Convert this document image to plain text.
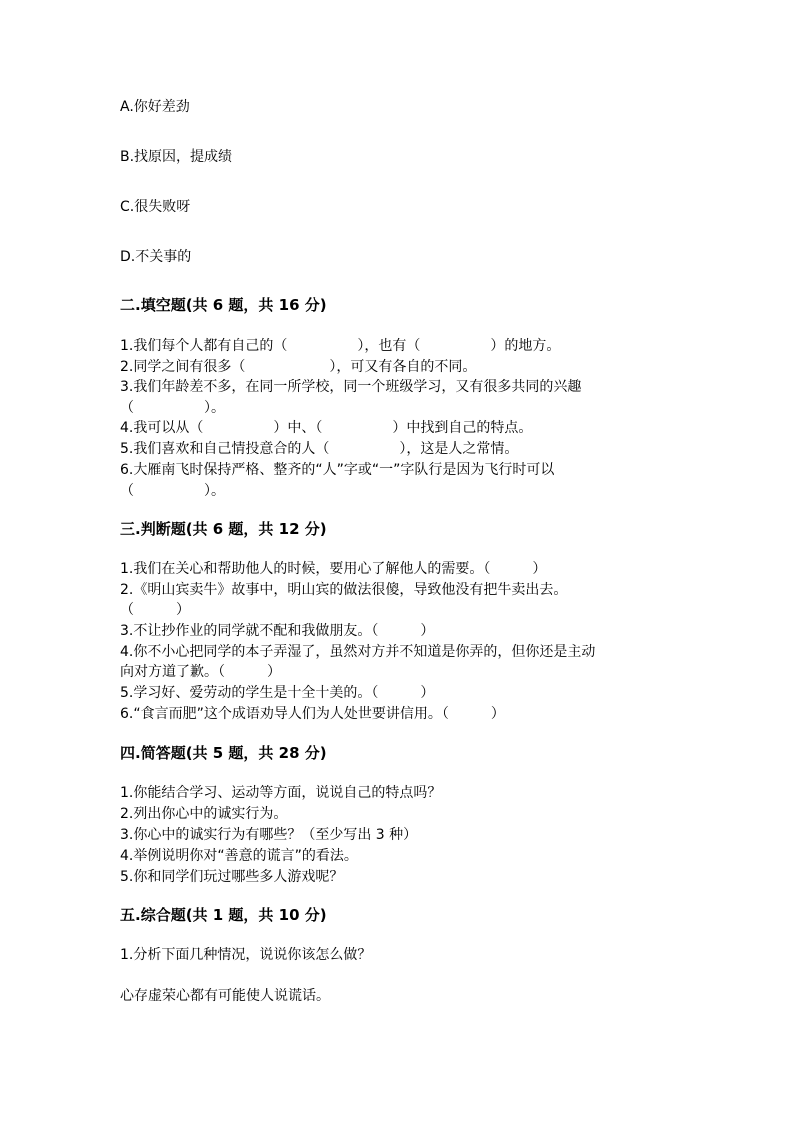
A.你好差劲
B.找原因，提成绩
C.很失败呀
D.不关事的
二.填空题(共 6 题，共 16 分)
1.我们每个人都有自己的（　　　　　），也有（　　　　　）的地方。
2.同学之间有很多（　　　　　　），可又有各自的不同。
3.我们年龄差不多，在同一所学校，同一个班级学习，又有很多共同的兴趣
（　　　　　）。
4.我可以从（　　　　　）中、（　　　　　）中找到自己的特点。
5.我们喜欢和自己情投意合的人（　　　　　），这是人之常情。
6.大雁南飞时保持严格、整齐的“人”字或“一”字队行是因为飞行时可以
（　　　　　）。
三.判断题(共 6 题，共 12 分)
1.我们在关心和帮助他人的时候，要用心了解他人的需要。（　　　）
2.《明山宾卖牛》故事中，明山宾的做法很傻，导致他没有把牛卖出去。
（　　　）
3.不让抄作业的同学就不配和我做朋友。（　　　）
4.你不小心把同学的本子弄湿了，虽然对方并不知道是你弄的，但你还是主动
向对方道了歉。（　　　）
5.学习好、爱劳动的学生是十全十美的。（　　　）
6.“食言而肥”这个成语劝导人们为人处世要讲信用。（　　　）
四.简答题(共 5 题，共 28 分)
1.你能结合学习、运动等方面，说说自己的特点吗？
2.列出你心中的诚实行为。
3.你心中的诚实行为有哪些？（至少写出 3 种）
4.举例说明你对“善意的谎言”的看法。
5.你和同学们玩过哪些多人游戏呢？
五.综合题(共 1 题，共 10 分)
1.分析下面几种情况，说说你该怎么做？
心存虚荣心都有可能使人说谎话。
